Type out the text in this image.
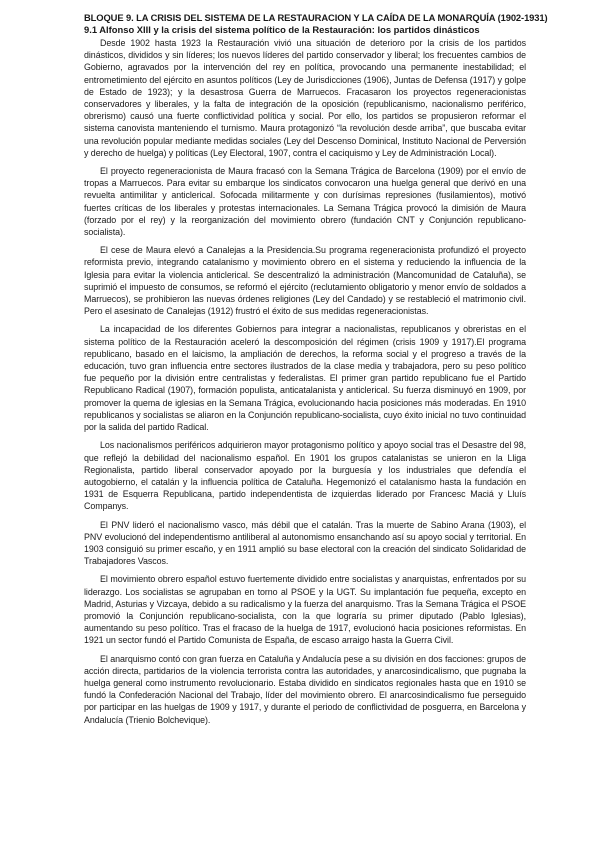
BLOQUE 9. LA CRISIS DEL SISTEMA DE LA RESTAURACION Y LA CAÍDA DE LA MONARQUÍA (1902-1931)
9.1 Alfonso XIII y la crisis del sistema político de la Restauración: los partidos dinásticos

Desde 1902 hasta 1923 la Restauración vivió una situación de deterioro por la crisis de los partidos dinásticos, divididos y sin líderes; los nuevos líderes del partido conservador y liberal; los frecuentes cambios de Gobierno, agravados por la intervención del rey en política, provocando una permanente inestabilidad; el entrometimiento del ejército en asuntos políticos (Ley de Jurisdicciones (1906), Juntas de Defensa (1917) y golpe de Estado de 1923); y la desastrosa Guerra de Marruecos. Fracasaron los proyectos regeneracionistas conservadores y liberales, y la falta de integración de la oposición (republicanismo, nacionalismo periférico, obrerismo) causó una fuerte conflictividad política y social. Por ello, los partidos se propusieron reformar el sistema canovista manteniendo el turnismo. Maura protagonizó “la revolución desde arriba”, que buscaba evitar una revolución popular mediante medidas sociales (Ley del Descenso Dominical, Instituto Nacional de Perversión y derecho de huelga) y políticas (Ley Electoral, 1907, contra el caciquismo y Ley de Administración Local).

El proyecto regeneracionista de Maura fracasó con la Semana Trágica de Barcelona (1909) por el envío de tropas a Marruecos. Para evitar su embarque los sindicatos convocaron una huelga general que derivó en una revuelta antimilitar y anticlerical. Sofocada militarmente y con durísimas represiones (fusilamientos), motivó fuertes críticas de los liberales y protestas internacionales. La Semana Trágica provocó la dimisión de Maura (forzado por el rey) y la reorganización del movimiento obrero (fundación CNT y Conjunción republicano-socialista).

El cese de Maura elevó a Canalejas a la Presidencia.Su programa regeneracionista profundizó el proyecto reformista previo, integrando catalanismo y movimiento obrero en el sistema y reduciendo la influencia de la Iglesia para evitar la violencia anticlerical. Se descentralizó la administración (Mancomunidad de Cataluña), se suprimió el impuesto de consumos, se reformó el ejército (reclutamiento obligatorio y menor envío de soldados a Marruecos), se prohibieron las nuevas órdenes religiones (Ley del Candado) y se restableció el matrimonio civil. Pero el asesinato de Canalejas (1912) frustró el éxito de sus medidas regeneracionistas.

La incapacidad de los diferentes Gobiernos para integrar a nacionalistas, republicanos y obreristas en el sistema político de la Restauración aceleró la descomposición del régimen (crisis 1909 y 1917).El programa republicano, basado en el laicismo, la ampliación de derechos, la reforma social y el progreso a través de la educación, tuvo gran influencia entre sectores ilustrados de la clase media y trabajadora, pero su peso político fue pequeño por la división entre centralistas y federalistas. El primer gran partido republicano fue el Partido Republicano Radical (1907), formación populista, anticatalanista y anticlerical. Su fuerza disminuyó en 1909, por promover la quema de iglesias en la Semana Trágica, evolucionando hacia posiciones más moderadas. En 1910 republicanos y socialistas se aliaron en la Conjunción republicano-socialista, cuyo éxito inicial no tuvo continuidad por la salida del partido Radical.

Los nacionalismos periféricos adquirieron mayor protagonismo político y apoyo social tras el Desastre del 98, que reflejó la debilidad del nacionalismo español. En 1901 los grupos catalanistas se unieron en la Lliga Regionalista, partido liberal conservador apoyado por la burguesía y los industriales que defendía el autogobierno, el catalán y la influencia política de Cataluña. Hegemonizó el catalanismo hasta la fundación en 1931 de Esquerra Republicana, partido independentista de izquierdas liderado por Francesc Maciá y Lluís Companys.

El PNV lideró el nacionalismo vasco, más débil que el catalán. Tras la muerte de Sabino Arana (1903), el PNV evolucionó del independentismo antiliberal al autonomismo ensanchando así su apoyo social y territorial. En 1903 consiguió su primer escaño, y en 1911 amplió su base electoral con la creación del sindicato Solidaridad de Trabajadores Vascos.

El movimiento obrero español estuvo fuertemente dividido entre socialistas y anarquistas, enfrentados por su liderazgo. Los socialistas se agrupaban en torno al PSOE y la UGT. Su implantación fue pequeña, excepto en Madrid, Asturias y Vizcaya, debido a su radicalismo y la fuerza del anarquismo. Tras la Semana Trágica el PSOE promovió la Conjunción republicano-socialista, con la que lograría su primer diputado (Pablo Iglesias), aumentando su peso político. Tras el fracaso de la huelga de 1917, evolucionó hacia posiciones reformistas. En 1921 un sector fundó el Partido Comunista de España, de escaso arraigo hasta la Guerra Civil.

El anarquismo contó con gran fuerza en Cataluña y Andalucía pese a su división en dos facciones: grupos de acción directa, partidarios de la violencia terrorista contra las autoridades, y anarcosindicalismo, que pugnaba la huelga general como instrumento revolucionario. Estaba dividido en sindicatos regionales hasta que en 1910 se fundó la Confederación Nacional del Trabajo, líder del movimiento obrero. El anarcosindicalismo fue perseguido por participar en las huelgas de 1909 y 1917, y durante el periodo de conflictividad de posguerra, en Barcelona y Andalucía (Trienio Bolchevique).
